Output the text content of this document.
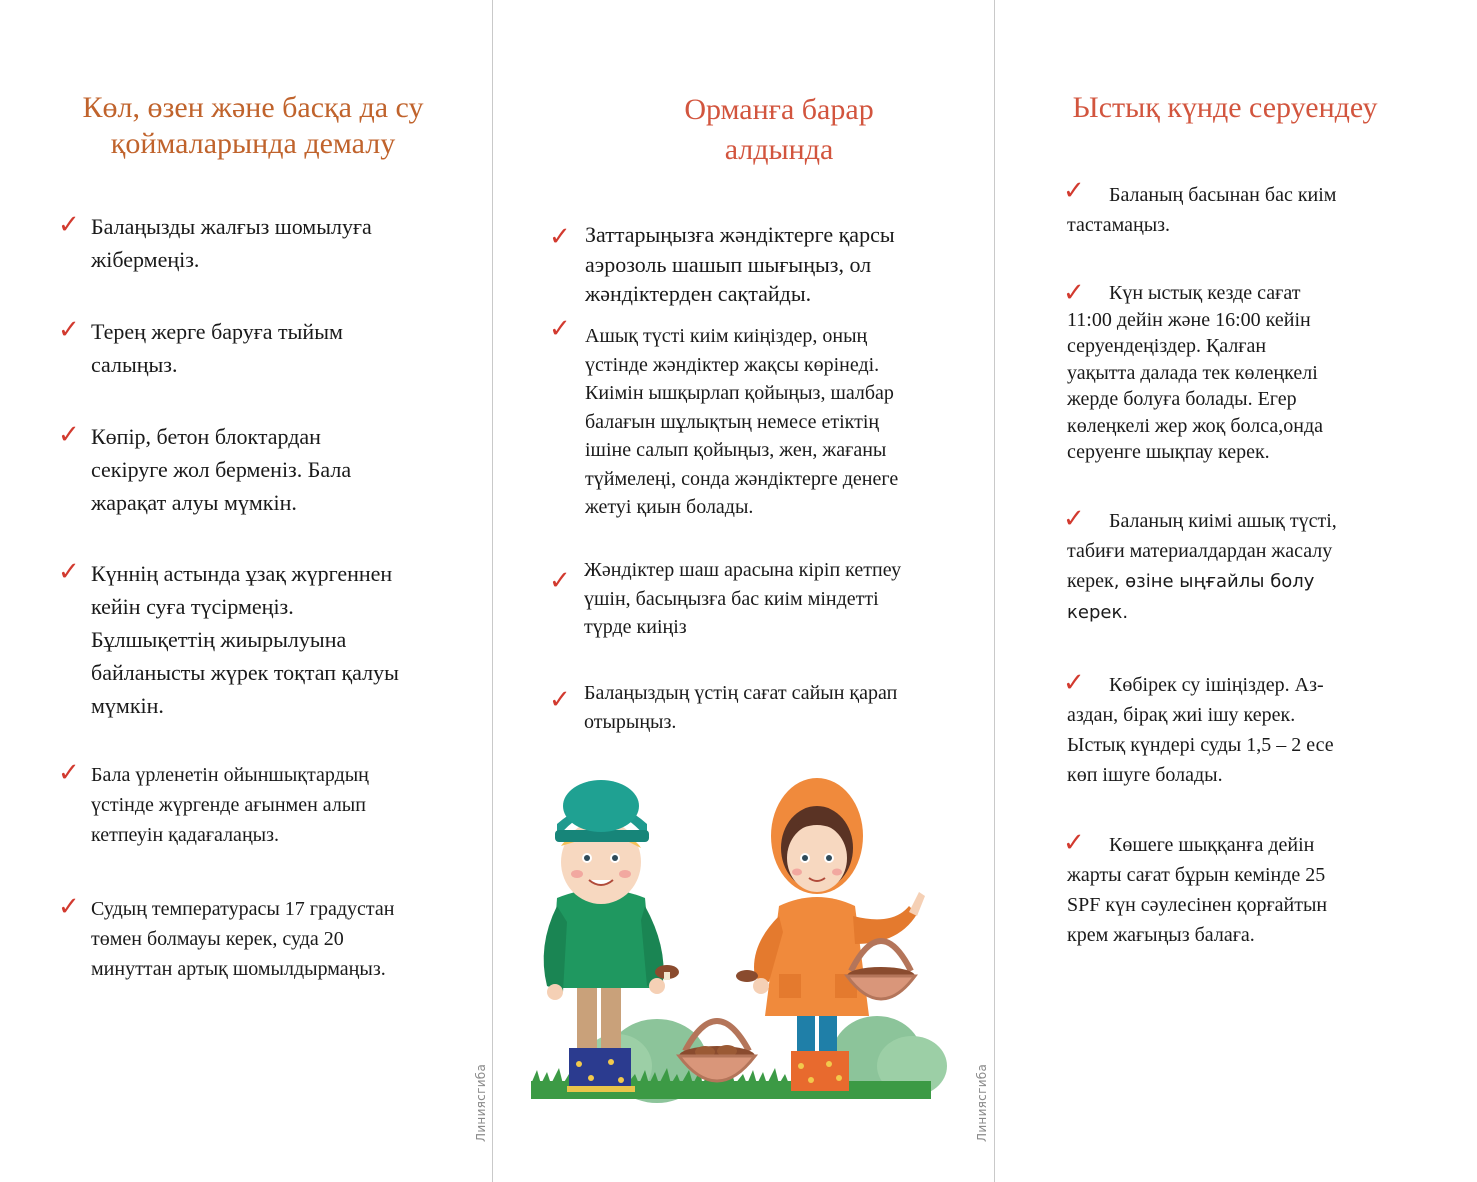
Линиясгиба	Линиясгиба
Көл, өзен және басқа да су
қоймаларында демалу
✓ Балаңызды жалғыз шомылуға
жібермеңіз.

✓ Терең жерге баруға тыйым
салыңыз.

✓ Көпір, бетон блоктардан
секіруге жол берменіз. Бала
жарақат алуы мүмкін.

✓ Күннің астында ұзақ жүргеннен
кейін суға түсірмеңіз.
Бұлшықеттің жиырылуына
байланысты жүрек тоқтап қалуы
мүмкін.

✓ Бала үрленетін ойыншықтардың
үстінде жүргенде ағынмен алып
кетпеуін қадағалаңыз.

✓ Судың температурасы 17 градустан
төмен болмауы керек, суда 20
минуттан артық шомылдырмаңыз.

Орманға барар
алдында
✓ Заттарыңызға жәндіктерге қарсы
аэрозоль шашып шығыңыз, ол
жәндіктерден сақтайды.

✓ Ашық түсті киім киіңіздер, оның
үстінде жәндіктер жақсы көрінеді.
Киімін ышқырлап қойыңыз, шалбар
балағын шұлықтың немесе етіктің
ішіне салып қойыңыз, жен, жағаны
түймелеңі, сонда жәндіктерге денеге
жетуі қиын болады.

✓ Жәндіктер шаш арасына кіріп кетпеу
үшін, басыңызға бас киім міндетті
түрде киіңіз

✓ Балаңыздың үстің сағат сайын қарап
отырыңыз.

Ыстық күнде серуендеу
✓	Баланың басынан бас киім
тастамаңыз.

✓	Күн ыстық кезде сағат
11:00 дейін және 16:00 кейін
серуендеңіздер. Қалған
уақытта далада тек көлеңкелі
жерде болуға болады. Егер
көлеңкелі жер жоқ болса,онда
серуенге шықпау керек.

✓	Баланың киімі ашық түсті,
табиғи материалдардан жасалу
керек, өзіне ыңғайлы болу
керек.

✓	Көбірек су ішіңіздер. Аз-
аздан, бірақ жиі ішу керек.
Ыстық күндері суды 1,5 – 2 есе
көп ішуге болады.

✓	Көшеге шыққанға дейін
жарты сағат бұрын кемінде 25
SPF күн сәулесінен қорғайтын
крем жағыңыз балаға.
